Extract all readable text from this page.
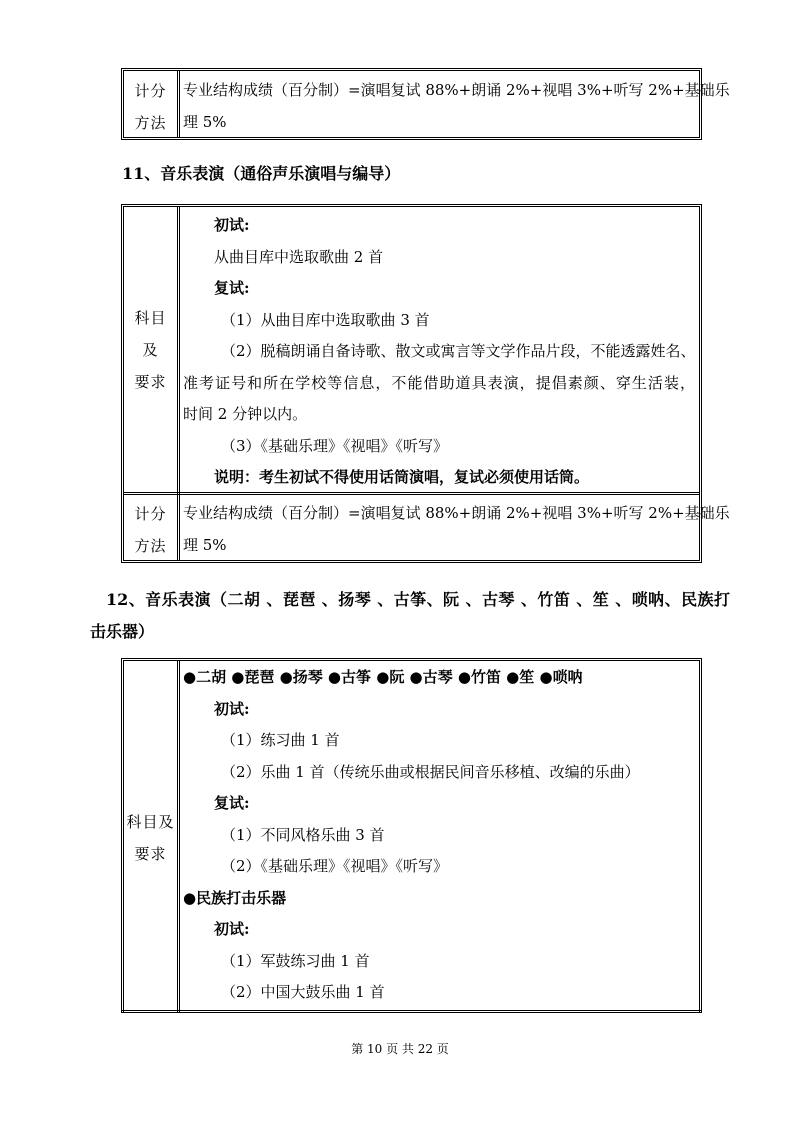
计分
方法
专业结构成绩（百分制）=演唱复试 88%+朗诵 2%+视唱 3%+听写 2%+基础乐
理 5%
11、音乐表演（通俗声乐演唱与编导）
科目
及
要求
初试:
从曲目库中选取歌曲 2 首
复试:
（1）从曲目库中选取歌曲 3 首
（2）脱稿朗诵自备诗歌、散文或寓言等文学作品片段，不能透露姓名、
准考证号和所在学校等信息，不能借助道具表演，提倡素颜、穿生活装，
时间 2 分钟以内。
（3）《基础乐理》《视唱》《听写》
说明：考生初试不得使用话筒演唱，复试必须使用话筒。
计分
方法
专业结构成绩（百分制）=演唱复试 88%+朗诵 2%+视唱 3%+听写 2%+基础乐
理 5%
12、音乐表演（二胡 、琵琶 、扬琴 、古筝、阮 、古琴 、竹笛 、笙 、唢呐、民族打
击乐器）
科目及
要求
●二胡 ●琵琶 ●扬琴 ●古筝 ●阮 ●古琴 ●竹笛 ●笙 ●唢呐
初试:
（1）练习曲 1 首
（2）乐曲 1 首（传统乐曲或根据民间音乐移植、改编的乐曲）
复试:
（1）不同风格乐曲 3 首
（2）《基础乐理》《视唱》《听写》
●民族打击乐器
初试:
（1）军鼓练习曲 1 首
（2）中国大鼓乐曲 1 首
第 10 页 共 22 页
